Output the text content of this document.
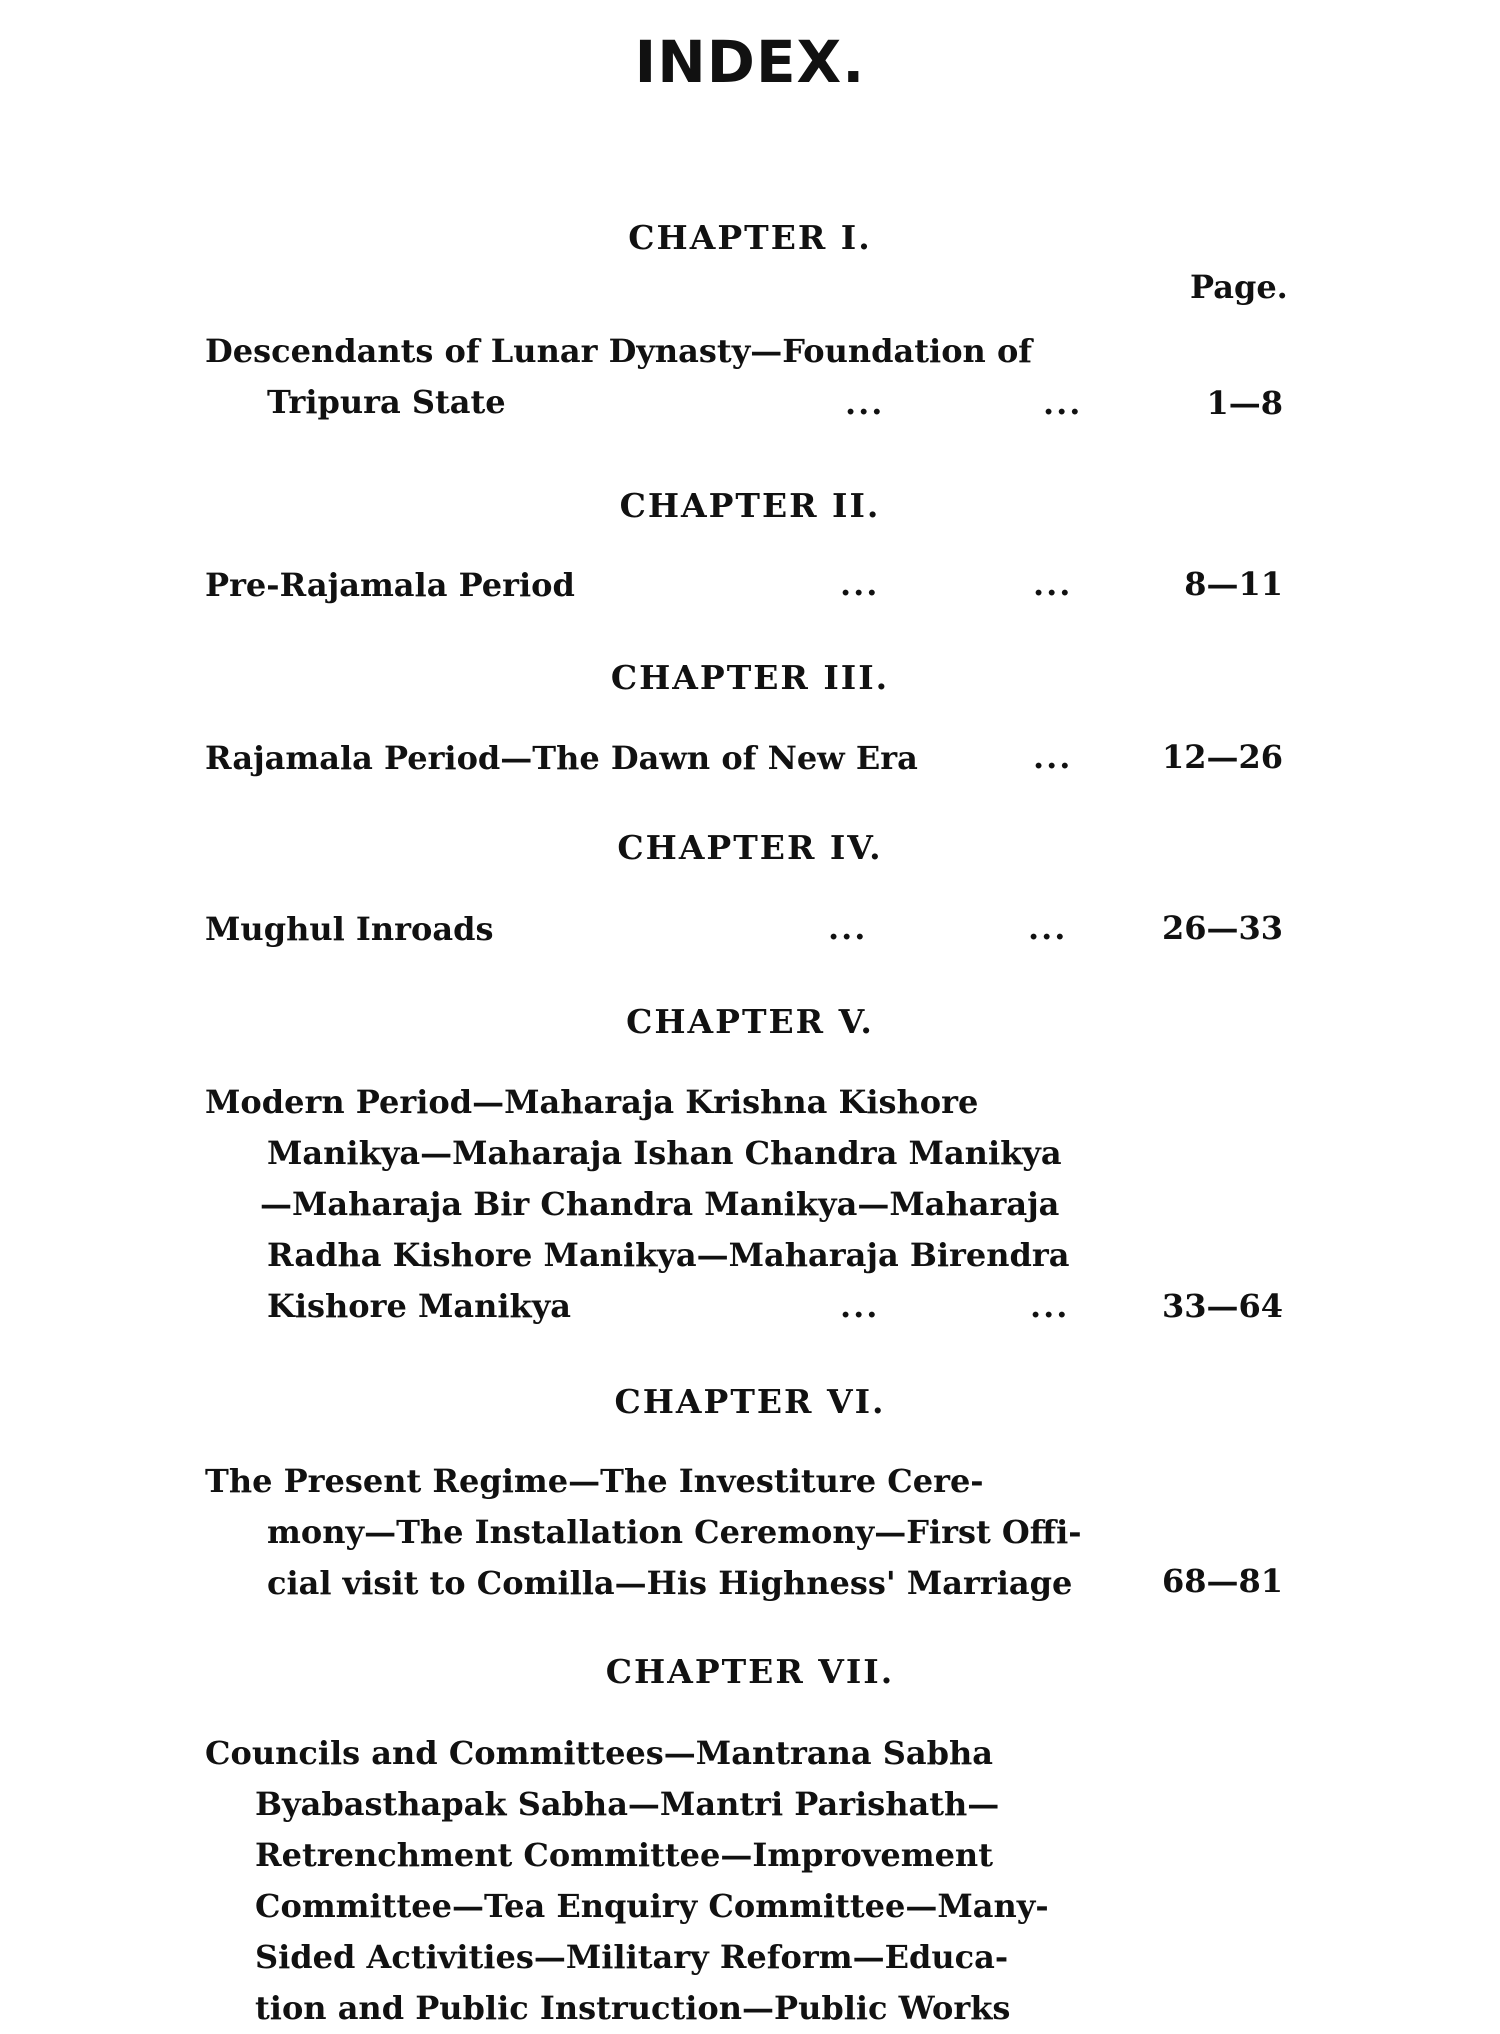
INDEX.
Page.
CHAPTER I.
Descendants of Lunar Dynasty—Foundation of
Tripura State	...	...	1—8
CHAPTER II.
Pre-Rajamala Period	...	...	8—11
CHAPTER III.
Rajamala Period—The Dawn of New Era	...	12—26
CHAPTER IV.
Mughul Inroads	...	...	26—33
CHAPTER V.
Modern Period—Maharaja Krishna Kishore
Manikya—Maharaja Ishan Chandra Manikya
—Maharaja Bir Chandra Manikya—Maharaja
Radha Kishore Manikya—Maharaja Birendra
Kishore Manikya	...	...	33—64
CHAPTER VI.
The Present Regime—The Investiture Cere-
mony—The Installation Ceremony—First Offi-
cial visit to Comilla—His Highness' Marriage	68—81
CHAPTER VII.
Councils and Committees—Mantrana Sabha
Byabasthapak Sabha—Mantri Parishath—
Retrenchment Committee—Improvement
Committee—Tea Enquiry Committee—Many-
Sided Activities—Military Reform—Educa-
tion and Public Instruction—Public Works
